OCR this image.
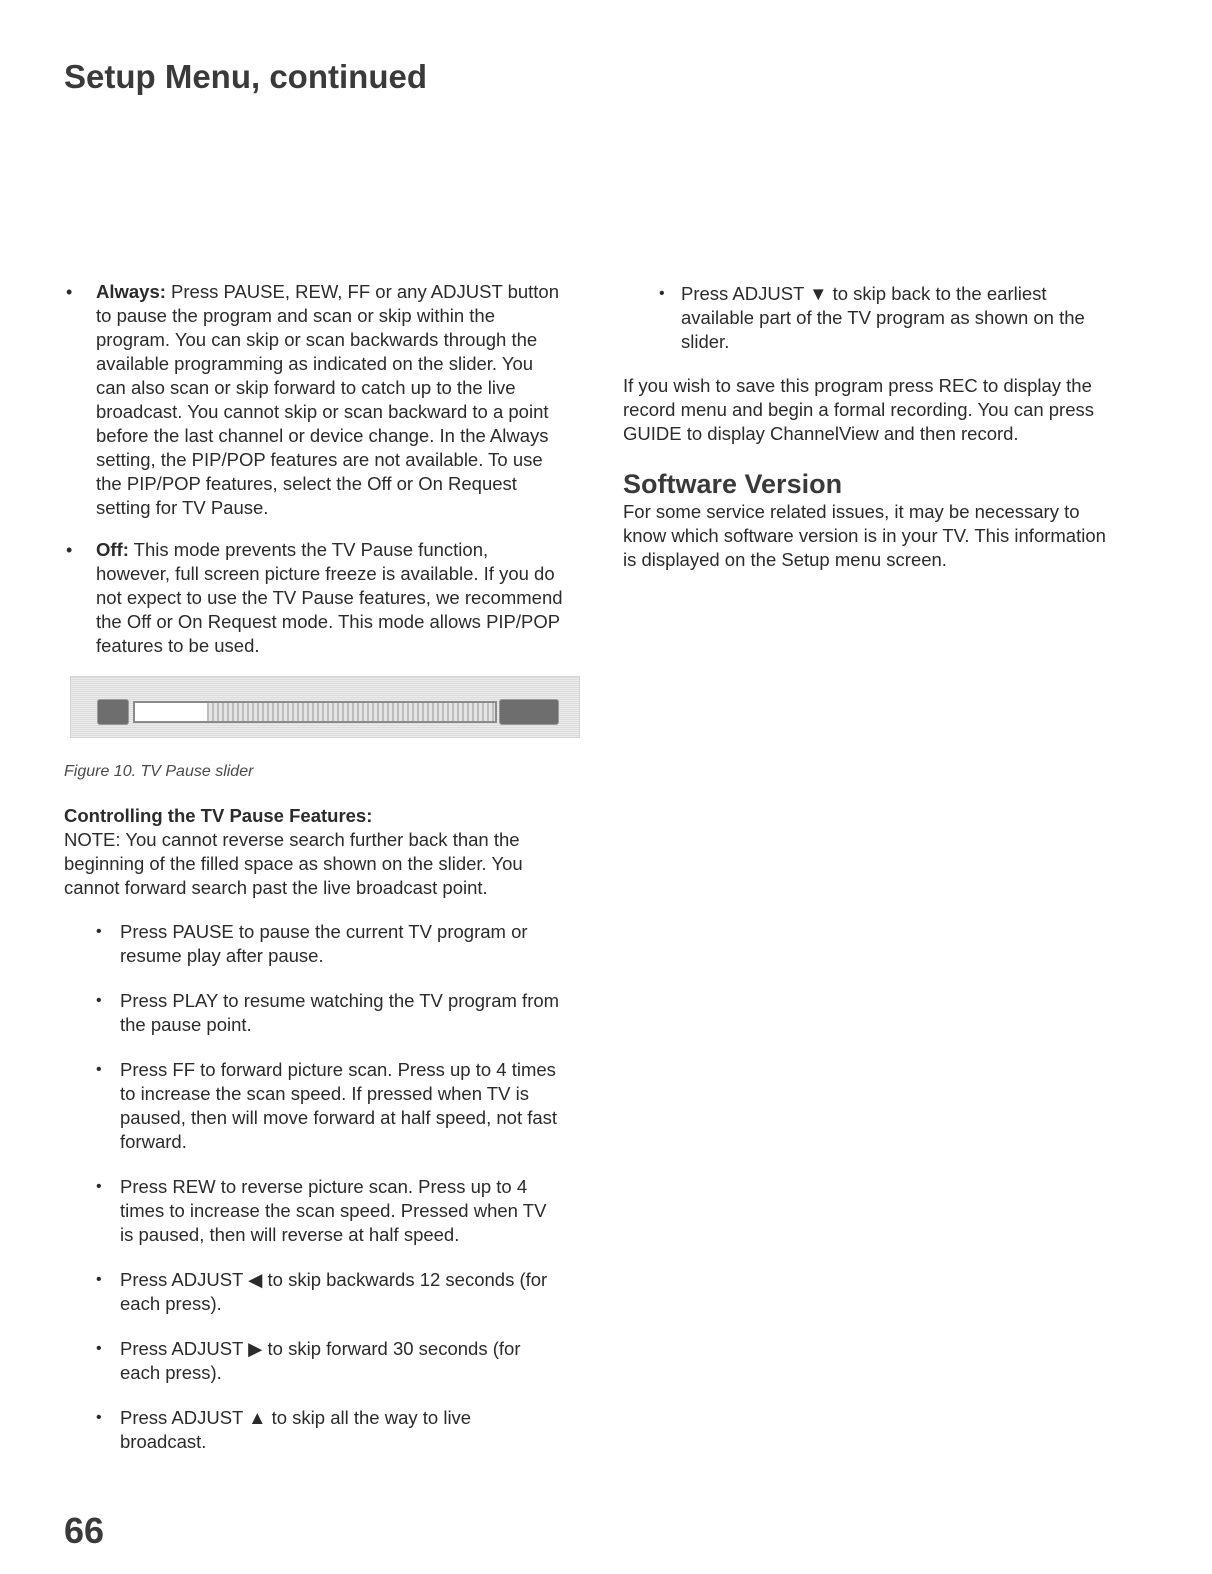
Setup Menu, continued

• Always: Press PAUSE, REW, FF or any ADJUST button to pause the program and scan or skip within the program. You can skip or scan backwards through the available programming as indicated on the slider. You can also scan or skip forward to catch up to the live broadcast. You cannot skip or scan backward to a point before the last channel or device change. In the Always setting, the PIP/POP features are not available. To use the PIP/POP features, select the Off or On Request setting for TV Pause.

• Off: This mode prevents the TV Pause function, however, full screen picture freeze is available. If you do not expect to use the TV Pause features, we recommend the Off or On Request mode. This mode allows PIP/POP features to be used.

Figure 10. TV Pause slider

Controlling the TV Pause Features:

NOTE: You cannot reverse search further back than the beginning of the filled space as shown on the slider. You cannot forward search past the live broadcast point.

• Press PAUSE to pause the current TV program or resume play after pause.

• Press PLAY to resume watching the TV program from the pause point.

• Press FF to forward picture scan. Press up to 4 times to increase the scan speed. If pressed when TV is paused, then will move forward at half speed, not fast forward.

• Press REW to reverse picture scan. Press up to 4 times to increase the scan speed. Pressed when TV is paused, then will reverse at half speed.

• Press ADJUST ◀ to skip backwards 12 seconds (for each press).

• Press ADJUST ▶ to skip forward 30 seconds (for each press).

• Press ADJUST ▲ to skip all the way to live broadcast.

• Press ADJUST ▼ to skip back to the earliest available part of the TV program as shown on the slider.

If you wish to save this program press REC to display the record menu and begin a formal recording. You can press GUIDE to display ChannelView and then record.

Software Version

For some service related issues, it may be necessary to know which software version is in your TV. This information is displayed on the Setup menu screen.

66
